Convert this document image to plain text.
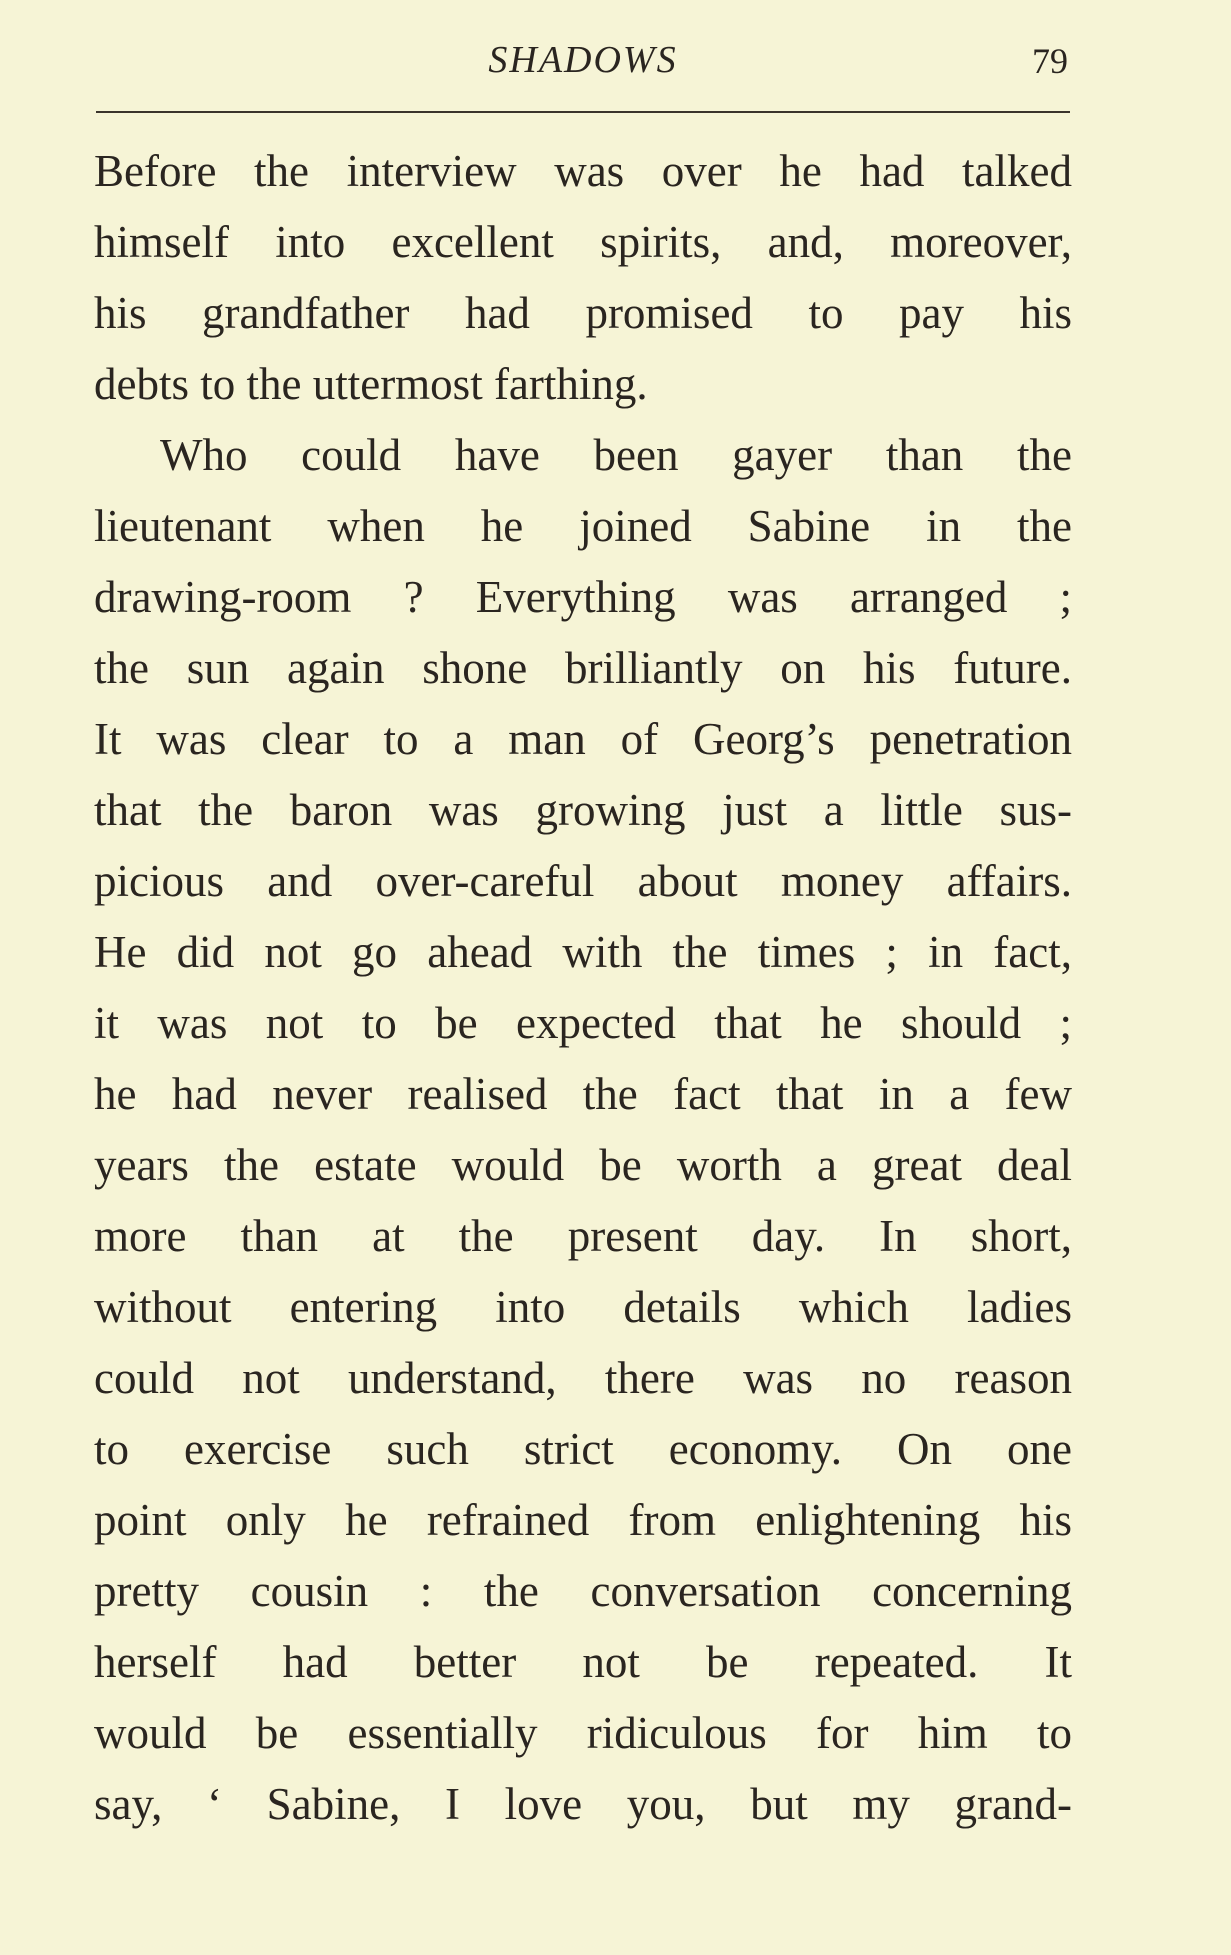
SHADOWS	79
Before the interview was over he had talked
himself into excellent spirits, and, moreover,
his grandfather had promised to pay his
debts to the uttermost farthing.
Who could have been gayer than the
lieutenant when he joined Sabine in the
drawing-room ? Everything was arranged ;
the sun again shone brilliantly on his future.
It was clear to a man of Georg’s penetration
that the baron was growing just a little sus-
picious and over-careful about money affairs.
He did not go ahead with the times ; in fact,
it was not to be expected that he should ;
he had never realised the fact that in a few
years the estate would be worth a great deal
more than at the present day. In short,
without entering into details which ladies
could not understand, there was no reason
to exercise such strict economy. On one
point only he refrained from enlightening his
pretty cousin : the conversation concerning
herself had better not be repeated. It
would be essentially ridiculous for him to
say, ‘ Sabine, I love you, but my grand-
